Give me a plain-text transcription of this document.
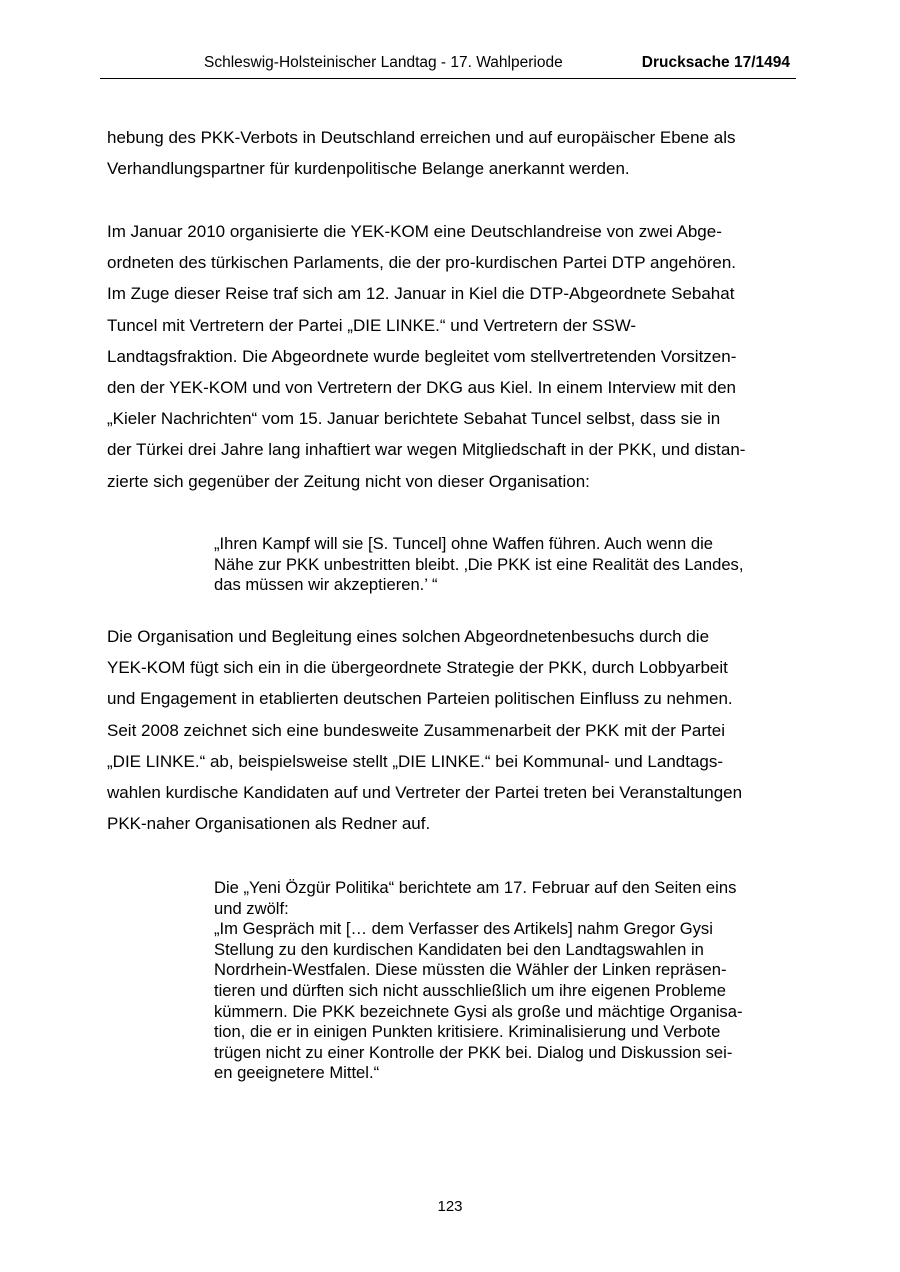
Schleswig-Holsteinischer Landtag - 17. Wahlperiode	Drucksache 17/1494
hebung des PKK-Verbots in Deutschland erreichen und auf europäischer Ebene als
Verhandlungspartner für kurdenpolitische Belange anerkannt werden.
Im Januar 2010 organisierte die YEK-KOM eine Deutschlandreise von zwei Abge-
ordneten des türkischen Parlaments, die der pro-kurdischen Partei DTP angehören.
Im Zuge dieser Reise traf sich am 12. Januar in Kiel die DTP-Abgeordnete Sebahat
Tuncel mit Vertretern der Partei „DIE LINKE.“ und Vertretern der SSW-
Landtagsfraktion. Die Abgeordnete wurde begleitet vom stellvertretenden Vorsitzen-
den der YEK-KOM und von Vertretern der DKG aus Kiel. In einem Interview mit den
„Kieler Nachrichten“ vom 15. Januar berichtete Sebahat Tuncel selbst, dass sie in
der Türkei drei Jahre lang inhaftiert war wegen Mitgliedschaft in der PKK, und distan-
zierte sich gegenüber der Zeitung nicht von dieser Organisation:
„Ihren Kampf will sie [S. Tuncel] ohne Waffen führen. Auch wenn die
Nähe zur PKK unbestritten bleibt. ‚Die PKK ist eine Realität des Landes,
das müssen wir akzeptieren.’ “
Die Organisation und Begleitung eines solchen Abgeordnetenbesuchs durch die
YEK-KOM fügt sich ein in die übergeordnete Strategie der PKK, durch Lobbyarbeit
und Engagement in etablierten deutschen Parteien politischen Einfluss zu nehmen.
Seit 2008 zeichnet sich eine bundesweite Zusammenarbeit der PKK mit der Partei
„DIE LINKE.“ ab, beispielsweise stellt „DIE LINKE.“ bei Kommunal- und Landtags-
wahlen kurdische Kandidaten auf und Vertreter der Partei treten bei Veranstaltungen
PKK-naher Organisationen als Redner auf.
Die „Yeni Özgür Politika“ berichtete am 17. Februar auf den Seiten eins
und zwölf:
„Im Gespräch mit [… dem Verfasser des Artikels] nahm Gregor Gysi
Stellung zu den kurdischen Kandidaten bei den Landtagswahlen in
Nordrhein-Westfalen. Diese müssten die Wähler der Linken repräsen-
tieren und dürften sich nicht ausschließlich um ihre eigenen Probleme
kümmern. Die PKK bezeichnete Gysi als große und mächtige Organisa-
tion, die er in einigen Punkten kritisiere. Kriminalisierung und Verbote
trügen nicht zu einer Kontrolle der PKK bei. Dialog und Diskussion sei-
en geeignetere Mittel.“
123
